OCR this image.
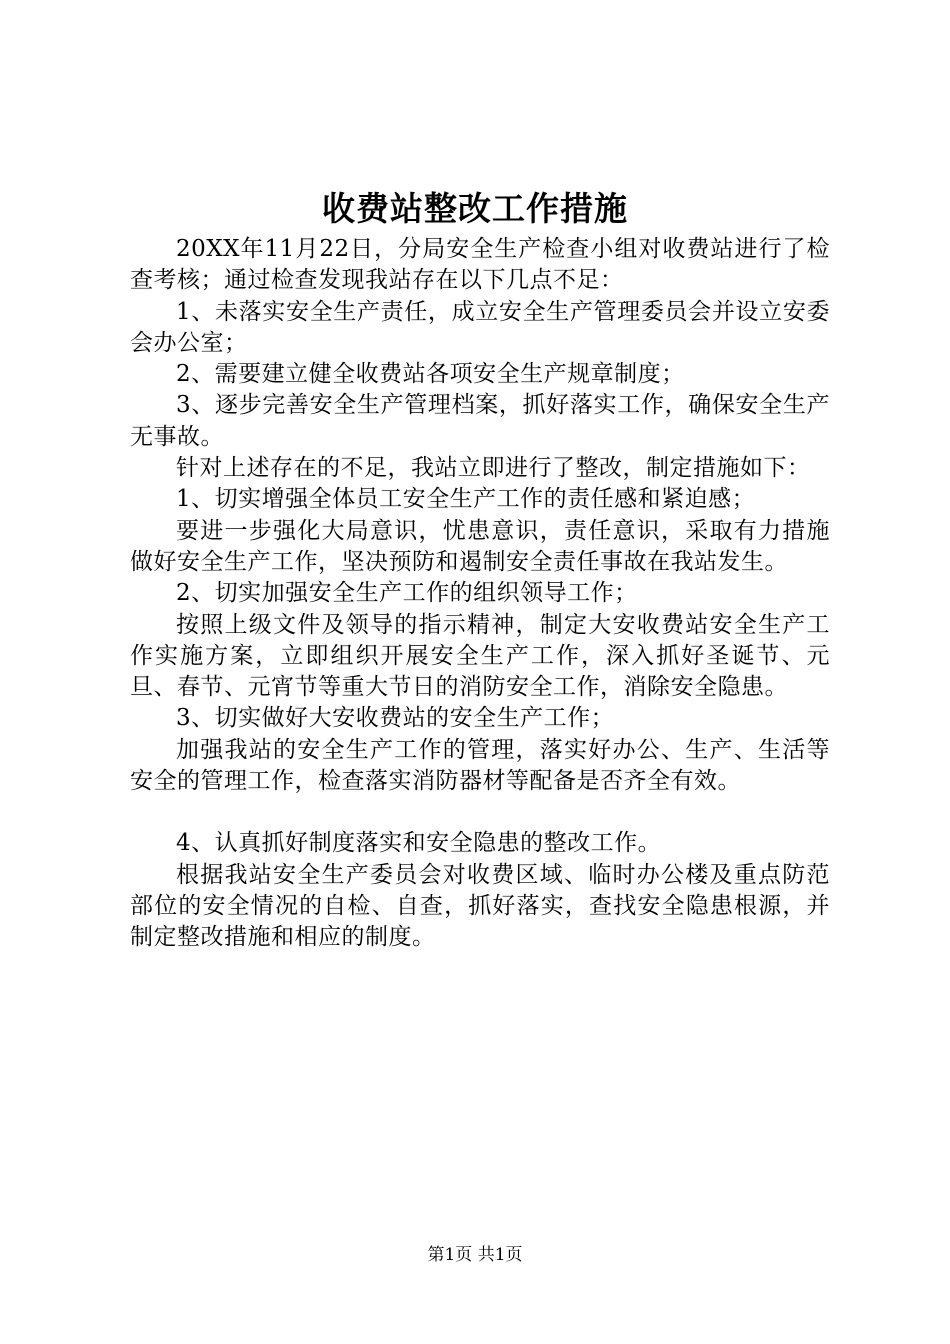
收费站整改工作措施

20XX年11月22日，分局安全生产检查小组对收费站进行了检查考核；通过检查发现我站存在以下几点不足：

1、未落实安全生产责任，成立安全生产管理委员会并设立安委会办公室；

2、需要建立健全收费站各项安全生产规章制度；

3、逐步完善安全生产管理档案，抓好落实工作，确保安全生产无事故。

针对上述存在的不足，我站立即进行了整改，制定措施如下：

1、切实增强全体员工安全生产工作的责任感和紧迫感；

要进一步强化大局意识，忧患意识，责任意识，采取有力措施做好安全生产工作，坚决预防和遏制安全责任事故在我站发生。

2、切实加强安全生产工作的组织领导工作；

按照上级文件及领导的指示精神，制定大安收费站安全生产工作实施方案，立即组织开展安全生产工作，深入抓好圣诞节、元旦、春节、元宵节等重大节日的消防安全工作，消除安全隐患。

3、切实做好大安收费站的安全生产工作；

加强我站的安全生产工作的管理，落实好办公、生产、生活等安全的管理工作，检查落实消防器材等配备是否齐全有效。

4、认真抓好制度落实和安全隐患的整改工作。

根据我站安全生产委员会对收费区域、临时办公楼及重点防范部位的安全情况的自检、自查，抓好落实，查找安全隐患根源，并制定整改措施和相应的制度。

第1页 共1页
